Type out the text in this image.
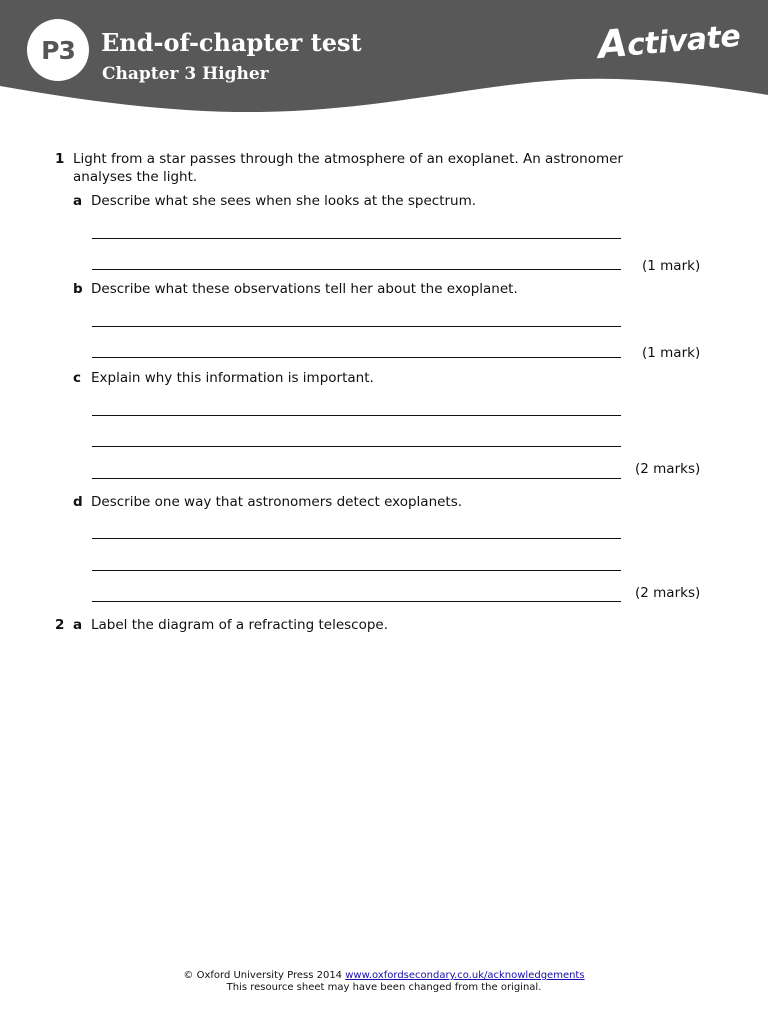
P3	End-of-chapter test
Chapter 3 Higher
Activate
1 Light from a star passes through the atmosphere of an exoplanet. An astronomer
analyses the light.
a Describe what she sees when she looks at the spectrum.
(1 mark)
b Describe what these observations tell her about the exoplanet.
(1 mark)
c Explain why this information is important.
(2 marks)
d Describe one way that astronomers detect exoplanets.
(2 marks)
2 a Label the diagram of a refracting telescope.
© Oxford University Press 2014 www.oxfordsecondary.co.uk/acknowledgements
This resource sheet may have been changed from the original.
